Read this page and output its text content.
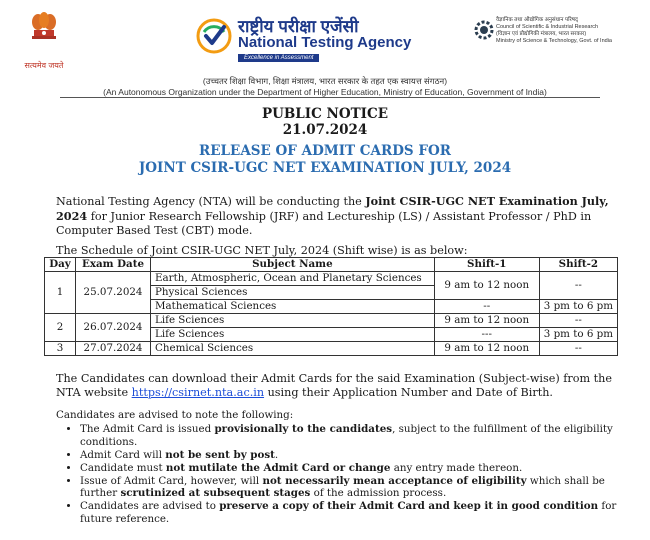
सत्यमेव जयते
राष्ट्रीय परीक्षा एजेंसी
National Testing Agency
Excellence in Assessment
वैज्ञानिक तथा औद्योगिक अनुसंधान परिषद्
Council of Scientific & Industrial Research
(विज्ञान एवं प्रौद्योगिकी मंत्रालय, भारत सरकार)
Ministry of Science & Technology, Govt. of India
(उच्चतर शिक्षा विभाग, शिक्षा मंत्रालय, भारत सरकार के तहत एक स्वायत्त संगठन)
(An Autonomous Organization under the Department of Higher Education, Ministry of Education, Government of India)
PUBLIC NOTICE
21.07.2024
RELEASE OF ADMIT CARDS FOR
JOINT CSIR-UGC NET EXAMINATION JULY, 2024
National Testing Agency (NTA) will be conducting the Joint CSIR-UGC NET Examination July, 2024 for Junior Research Fellowship (JRF) and Lectureship (LS) / Assistant Professor / PhD in Computer Based Test (CBT) mode.
The Schedule of Joint CSIR-UGC NET July, 2024 (Shift wise) is as below:
Day	Exam Date	Subject Name	Shift-1	Shift-2
1	25.07.2024	Earth, Atmospheric, Ocean and Planetary Sciences	9 am to 12 noon	--
		Physical Sciences		
		Mathematical Sciences	--	3 pm to 6 pm
2	26.07.2024	Life Sciences	9 am to 12 noon	--
		Life Sciences	---	3 pm to 6 pm
3	27.07.2024	Chemical Sciences	9 am to 12 noon	--
The Candidates can download their Admit Cards for the said Examination (Subject-wise) from the NTA website https://csirnet.nta.ac.in using their Application Number and Date of Birth.
Candidates are advised to note the following:
• The Admit Card is issued provisionally to the candidates, subject to the fulfillment of the eligibility conditions.
• Admit Card will not be sent by post.
• Candidate must not mutilate the Admit Card or change any entry made thereon.
• Issue of Admit Card, however, will not necessarily mean acceptance of eligibility which shall be further scrutinized at subsequent stages of the admission process.
• Candidates are advised to preserve a copy of their Admit Card and keep it in good condition for future reference.
